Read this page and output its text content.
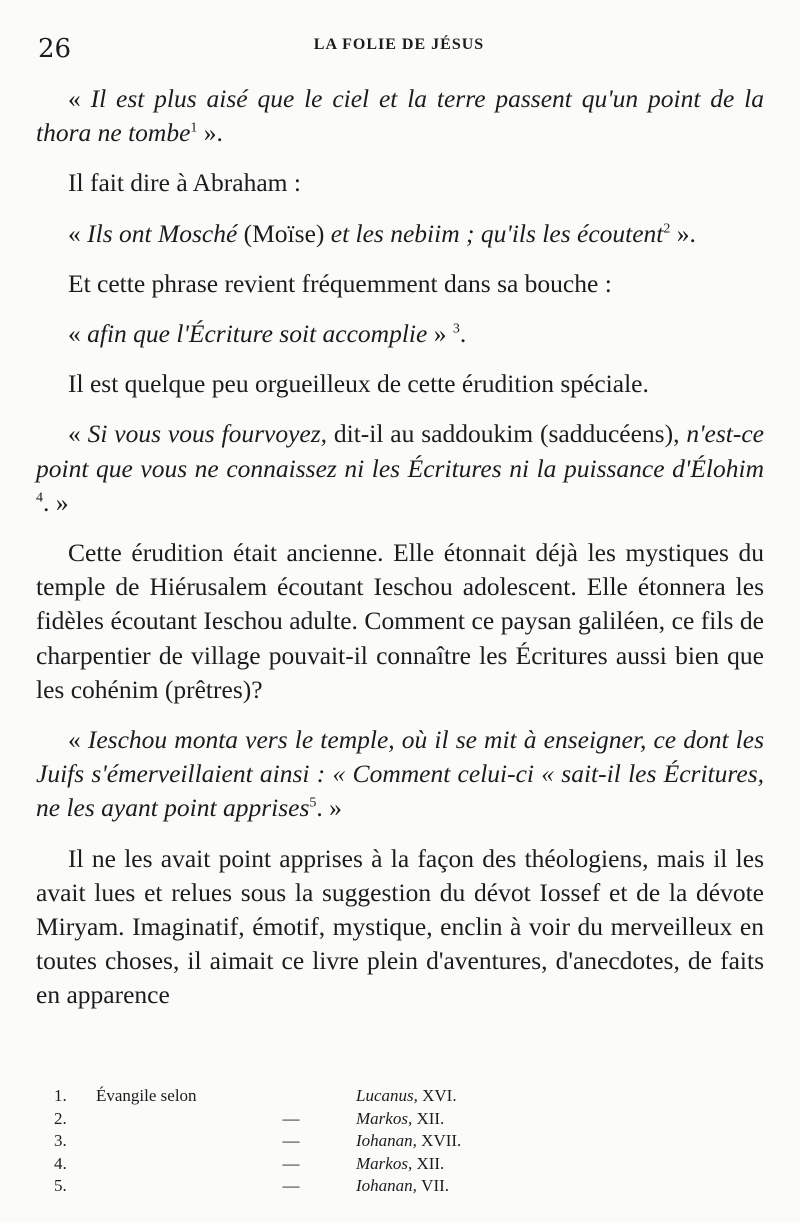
26	LA FOLIE DE JÉSUS

« Il est plus aisé que le ciel et la terre passent qu'un point de la thora ne tombe$^1$ ».

Il fait dire à Abraham :

« Ils ont Mosché (Moïse) et les nebiim ; qu'ils les écoutent$^2$ ».

Et cette phrase revient fréquemment dans sa bouche :

« afin que l'Écriture soit accomplie » $^3$.

Il est quelque peu orgueilleux de cette érudition spéciale.

« Si vous vous fourvoyez, dit-il au saddoukim (sadducéens), n'est-ce point que vous ne connaissez ni les Écritures ni la puissance d'Élohim $^4$. »

Cette érudition était ancienne. Elle étonnait déjà les mystiques du temple de Hiérusalem écoutant Ieschou adolescent. Elle étonnera les fidèles écoutant Ieschou adulte. Comment ce paysan galiléen, ce fils de charpentier de village pouvait-il connaître les Écritures aussi bien que les cohénim (prêtres)?

« Ieschou monta vers le temple, où il se mit à enseigner, ce dont les Juifs s'émerveillaient ainsi : « Comment celui-ci « sait-il les Écritures, ne les ayant point apprises$^5$. »

Il ne les avait point apprises à la façon des théologiens, mais il les avait lues et relues sous la suggestion du dévot Iossef et de la dévote Miryam. Imaginatif, émotif, mystique, enclin à voir du merveilleux en toutes choses, il aimait ce livre plein d'aventures, d'anecdotes, de faits en apparence

1.	Évangile selon	Lucanus, XVI.
2.	—	Markos, XII.
3.	—	Iohanan, XVII.
4.	—	Markos, XII.
5.	—	Iohanan, VII.
